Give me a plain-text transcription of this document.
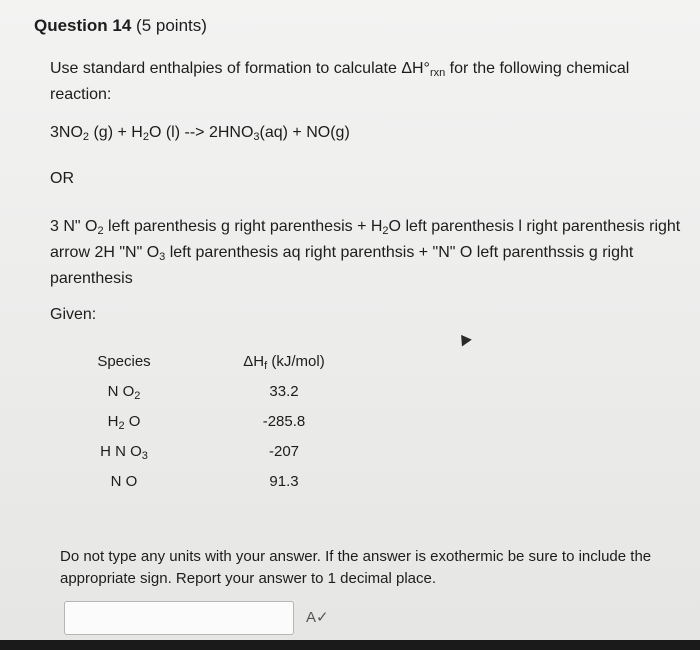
Question 14 (5 points)
Use standard enthalpies of formation to calculate $\Delta H^\circ_{rxn}$ for the following chemical reaction:
$3NO_2$ $(g) + H_2O$ (l) --> $2HNO_3(aq) + NO(g)$
OR
3 N" $O_2$ left parenthesis g right parenthesis + $H_2O$ left parenthesis l right parenthesis right arrow 2H "N" $O_3$ left parenthesis aq right parenthsis + "N" O left parenthssis g right parenthesis
Given:
Species	$\Delta H_f$ (kJ/mol)
N $O_2$	33.2
$H_2$ O	-285.8
H N $O_3$	-207
N O	91.3
Do not type any units with your answer. If the answer is exothermic be sure to include the appropriate sign. Report your answer to 1 decimal place.
A✓
